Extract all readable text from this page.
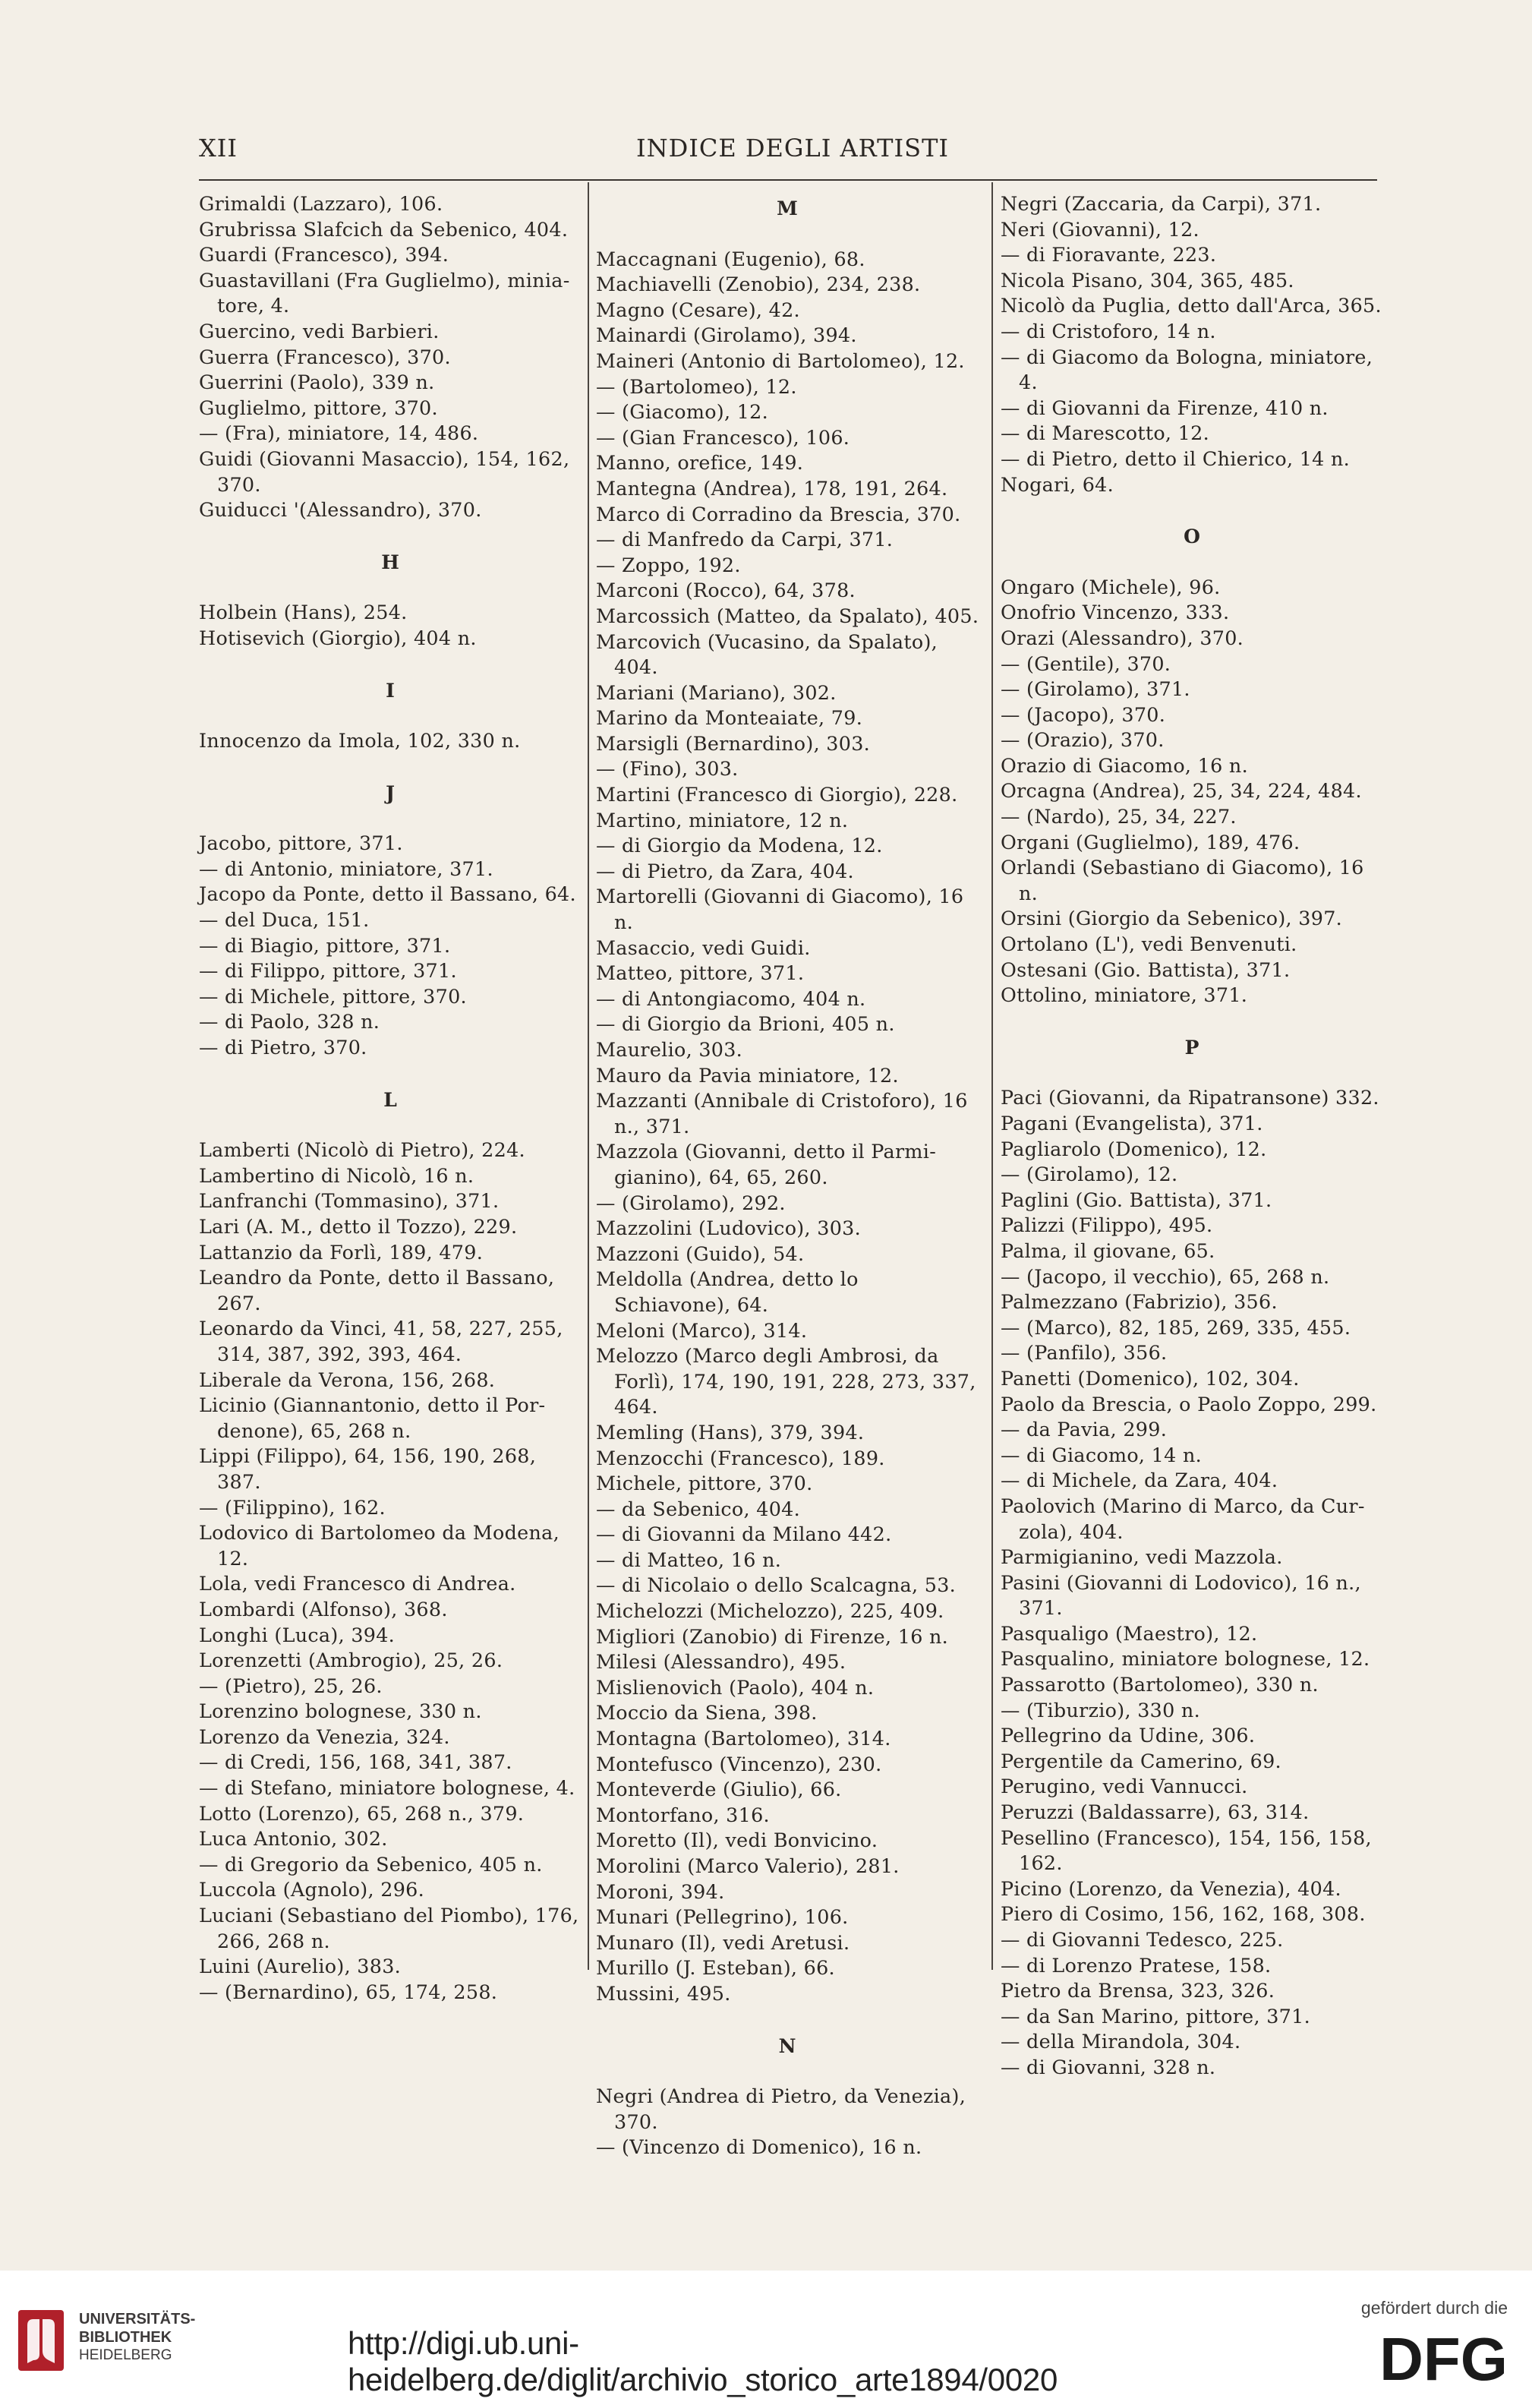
XII	INDICE DEGLI ARTISTI
Grimaldi (Lazzaro), 106.
Grubrissa Slafcich da Sebenico, 404.
Guardi (Francesco), 394.
Guastavillani (Fra Guglielmo), miniatore, 4.
Guercino, vedi Barbieri.
Guerra (Francesco), 370.
Guerrini (Paolo), 339 n.
Guglielmo, pittore, 370.
— (Fra), miniatore, 14, 486.
Guidi (Giovanni Masaccio), 154, 162, 370.
Guiducci '(Alessandro), 370.
H
Holbein (Hans), 254.
Hotisevich (Giorgio), 404 n.
I
Innocenzo da Imola, 102, 330 n.
J
Jacobo, pittore, 371.
— di Antonio, miniatore, 371.
Jacopo da Ponte, detto il Bassano, 64.
— del Duca, 151.
— di Biagio, pittore, 371.
— di Filippo, pittore, 371.
— di Michele, pittore, 370.
— di Paolo, 328 n.
— di Pietro, 370.
L
Lamberti (Nicolò di Pietro), 224.
Lambertino di Nicolò, 16 n.
Lanfranchi (Tommasino), 371.
Lari (A. M., detto il Tozzo), 229.
Lattanzio da Forlì, 189, 479.
Leandro da Ponte, detto il Bassano, 267.
Leonardo da Vinci, 41, 58, 227, 255, 314, 387, 392, 393, 464.
Liberale da Verona, 156, 268.
Licinio (Giannantonio, detto il Pordenone), 65, 268 n.
Lippi (Filippo), 64, 156, 190, 268, 387.
— (Filippino), 162.
Lodovico di Bartolomeo da Modena, 12.
Lola, vedi Francesco di Andrea.
Lombardi (Alfonso), 368.
Longhi (Luca), 394.
Lorenzetti (Ambrogio), 25, 26.
— (Pietro), 25, 26.
Lorenzino bolognese, 330 n.
Lorenzo da Venezia, 324.
— di Credi, 156, 168, 341, 387.
— di Stefano, miniatore bolognese, 4.
Lotto (Lorenzo), 65, 268 n., 379.
Luca Antonio, 302.
— di Gregorio da Sebenico, 405 n.
Luccola (Agnolo), 296.
Luciani (Sebastiano del Piombo), 176, 266, 268 n.
Luini (Aurelio), 383.
— (Bernardino), 65, 174, 258.
M
Maccagnani (Eugenio), 68.
Machiavelli (Zenobio), 234, 238.
Magno (Cesare), 42.
Mainardi (Girolamo), 394.
Maineri (Antonio di Bartolomeo), 12.
— (Bartolomeo), 12.
— (Giacomo), 12.
— (Gian Francesco), 106.
Manno, orefice, 149.
Mantegna (Andrea), 178, 191, 264.
Marco di Corradino da Brescia, 370.
— di Manfredo da Carpi, 371.
— Zoppo, 192.
Marconi (Rocco), 64, 378.
Marcossich (Matteo, da Spalato), 405.
Marcovich (Vucasino, da Spalato), 404.
Mariani (Mariano), 302.
Marino da Monteaiate, 79.
Marsigli (Bernardino), 303.
— (Fino), 303.
Martini (Francesco di Giorgio), 228.
Martino, miniatore, 12 n.
— di Giorgio da Modena, 12.
— di Pietro, da Zara, 404.
Martorelli (Giovanni di Giacomo), 16 n.
Masaccio, vedi Guidi.
Matteo, pittore, 371.
— di Antongiacomo, 404 n.
— di Giorgio da Brioni, 405 n.
Maurelio, 303.
Mauro da Pavia miniatore, 12.
Mazzanti (Annibale di Cristoforo), 16 n., 371.
Mazzola (Giovanni, detto il Parmigianino), 64, 65, 260.
— (Girolamo), 292.
Mazzolini (Ludovico), 303.
Mazzoni (Guido), 54.
Meldolla (Andrea, detto lo Schiavone), 64.
Meloni (Marco), 314.
Melozzo (Marco degli Ambrosi, da Forlì), 174, 190, 191, 228, 273, 337, 464.
Memling (Hans), 379, 394.
Menzocchi (Francesco), 189.
Michele, pittore, 370.
— da Sebenico, 404.
— di Giovanni da Milano 442.
— di Matteo, 16 n.
— di Nicolaio o dello Scalcagna, 53.
Michelozzi (Michelozzo), 225, 409.
Migliori (Zanobio) di Firenze, 16 n.
Milesi (Alessandro), 495.
Mislienovich (Paolo), 404 n.
Moccio da Siena, 398.
Montagna (Bartolomeo), 314.
Montefusco (Vincenzo), 230.
Monteverde (Giulio), 66.
Montorfano, 316.
Moretto (Il), vedi Bonvicino.
Morolini (Marco Valerio), 281.
Moroni, 394.
Munari (Pellegrino), 106.
Munaro (Il), vedi Aretusi.
Murillo (J. Esteban), 66.
Mussini, 495.
N
Negri (Andrea di Pietro, da Venezia), 370.
— (Vincenzo di Domenico), 16 n.
Negri (Zaccaria, da Carpi), 371.
Neri (Giovanni), 12.
— di Fioravante, 223.
Nicola Pisano, 304, 365, 485.
Nicolò da Puglia, detto dall'Arca, 365.
— di Cristoforo, 14 n.
— di Giacomo da Bologna, miniatore, 4.
— di Giovanni da Firenze, 410 n.
— di Marescotto, 12.
— di Pietro, detto il Chierico, 14 n.
Nogari, 64.
O
Ongaro (Michele), 96.
Onofrio Vincenzo, 333.
Orazi (Alessandro), 370.
— (Gentile), 370.
— (Girolamo), 371.
— (Jacopo), 370.
— (Orazio), 370.
Orazio di Giacomo, 16 n.
Orcagna (Andrea), 25, 34, 224, 484.
— (Nardo), 25, 34, 227.
Organi (Guglielmo), 189, 476.
Orlandi (Sebastiano di Giacomo), 16 n.
Orsini (Giorgio da Sebenico), 397.
Ortolano (L'), vedi Benvenuti.
Ostesani (Gio. Battista), 371.
Ottolino, miniatore, 371.
P
Paci (Giovanni, da Ripatransone) 332.
Pagani (Evangelista), 371.
Pagliarolo (Domenico), 12.
— (Girolamo), 12.
Paglini (Gio. Battista), 371.
Palizzi (Filippo), 495.
Palma, il giovane, 65.
— (Jacopo, il vecchio), 65, 268 n.
Palmezzano (Fabrizio), 356.
— (Marco), 82, 185, 269, 335, 455.
— (Panfilo), 356.
Panetti (Domenico), 102, 304.
Paolo da Brescia, o Paolo Zoppo, 299.
— da Pavia, 299.
— di Giacomo, 14 n.
— di Michele, da Zara, 404.
Paolovich (Marino di Marco, da Curzola), 404.
Parmigianino, vedi Mazzola.
Pasini (Giovanni di Lodovico), 16 n., 371.
Pasqualigo (Maestro), 12.
Pasqualino, miniatore bolognese, 12.
Passarotto (Bartolomeo), 330 n.
— (Tiburzio), 330 n.
Pellegrino da Udine, 306.
Pergentile da Camerino, 69.
Perugino, vedi Vannucci.
Peruzzi (Baldassarre), 63, 314.
Pesellino (Francesco), 154, 156, 158, 162.
Picino (Lorenzo, da Venezia), 404.
Piero di Cosimo, 156, 162, 168, 308.
— di Giovanni Tedesco, 225.
— di Lorenzo Pratese, 158.
Pietro da Brensa, 323, 326.
— da San Marino, pittore, 371.
— della Mirandola, 304.
— di Giovanni, 328 n.
UNIVERSITÄTS-
BIBLIOTHEK
HEIDELBERG	http://digi.ub.uni-heidelberg.de/diglit/archivio_storico_arte1894/0020
gefördert durch die
DFG
